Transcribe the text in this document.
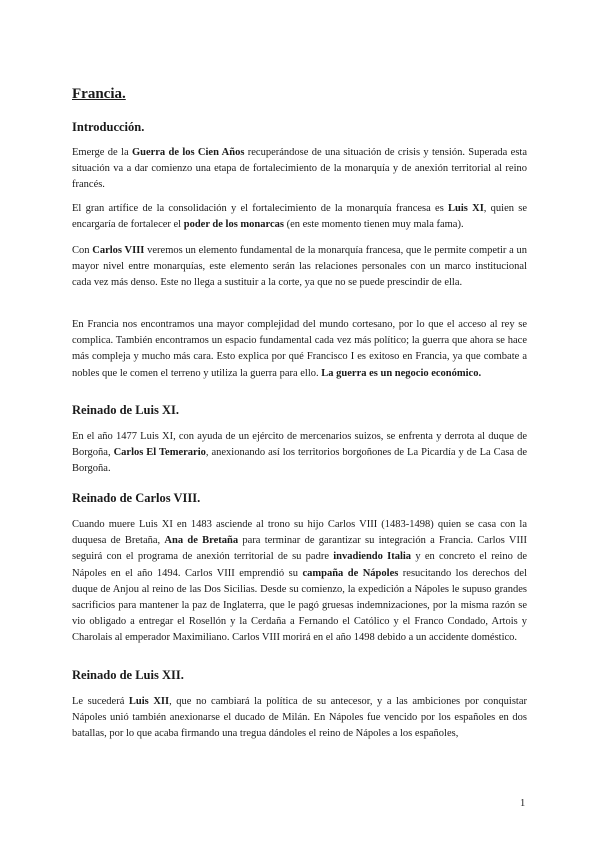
Francia.
Introducción.

Emerge de la Guerra de los Cien Años recuperándose de una situación de crisis y tensión. Superada esta situación va a dar comienzo una etapa de fortalecimiento de la monarquía y de anexión territorial al reino francés.

El gran artífice de la consolidación y el fortalecimiento de la monarquía francesa es Luis XI, quien se encargaría de fortalecer el poder de los monarcas (en este momento tienen muy mala fama).

Con Carlos VIII veremos un elemento fundamental de la monarquía francesa, que le permite competir a un mayor nivel entre monarquías, este elemento serán las relaciones personales con un marco institucional cada vez más denso. Este no llega a sustituir a la corte, ya que no se puede prescindir de ella.

En Francia nos encontramos una mayor complejidad del mundo cortesano, por lo que el acceso al rey se complica. También encontramos un espacio fundamental cada vez más político; la guerra que ahora se hace más compleja y mucho más cara. Esto explica por qué Francisco I es exitoso en Francia, ya que combate a nobles que le comen el terreno y utiliza la guerra para ello. La guerra es un negocio económico.

Reinado de Luis XI.

En el año 1477 Luis XI, con ayuda de un ejército de mercenarios suizos, se enfrenta y derrota al duque de Borgoña, Carlos El Temerario, anexionando así los territorios borgoñones de La Picardía y de La Casa de Borgoña.

Reinado de Carlos VIII.

Cuando muere Luis XI en 1483 asciende al trono su hijo Carlos VIII (1483-1498) quien se casa con la duquesa de Bretaña, Ana de Bretaña para terminar de garantizar su integración a Francia. Carlos VIII seguirá con el programa de anexión territorial de su padre invadiendo Italia y en concreto el reino de Nápoles en el año 1494. Carlos VIII emprendió su campaña de Nápoles resucitando los derechos del duque de Anjou al reino de las Dos Sicilias. Desde su comienzo, la expedición a Nápoles le supuso grandes sacrificios para mantener la paz de Inglaterra, que le pagó gruesas indemnizaciones, por la misma razón se vio obligado a entregar el Rosellón y la Cerdaña a Fernando el Católico y el Franco Condado, Artois y Charolais al emperador Maximiliano. Carlos VIII morirá en el año 1498 debido a un accidente doméstico.

Reinado de Luis XII.

Le sucederá Luis XII, que no cambiará la política de su antecesor, y a las ambiciones por conquistar Nápoles unió también anexionarse el ducado de Milán. En Nápoles fue vencido por los españoles en dos batallas, por lo que acaba firmando una tregua dándoles el reino de Nápoles a los españoles,

1
